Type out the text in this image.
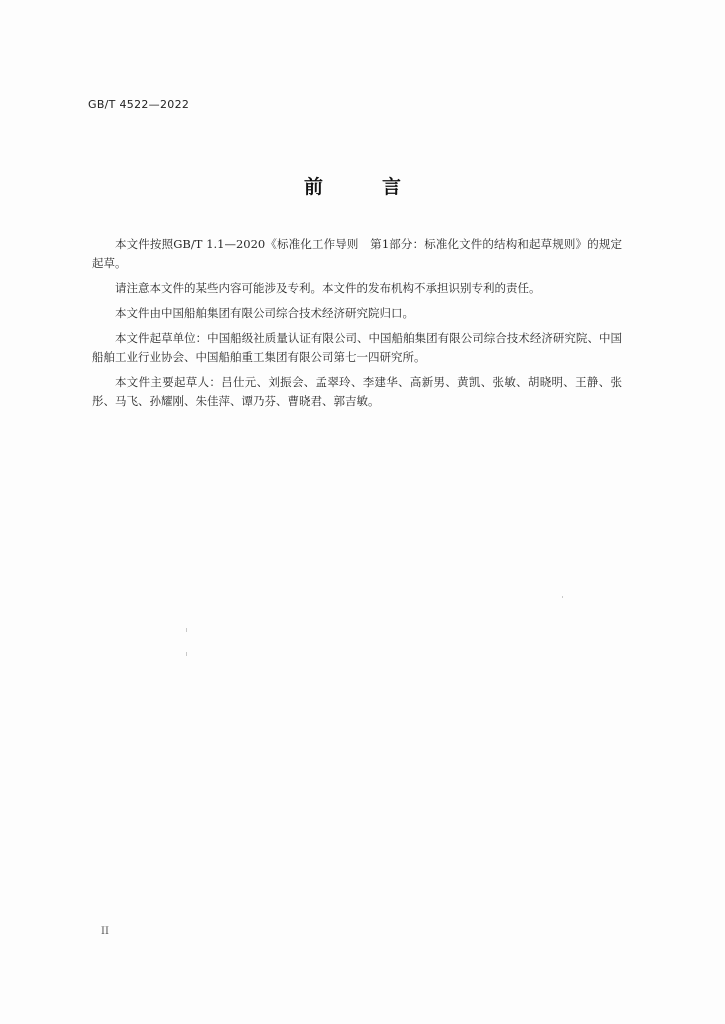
GB/T 4522—2022
前　言

本文件按照GB/T 1.1—2020《标准化工作导则　第1部分：标准化文件的结构和起草规则》的规定起草。

请注意本文件的某些内容可能涉及专利。本文件的发布机构不承担识别专利的责任。

本文件由中国船舶集团有限公司综合技术经济研究院归口。

本文件起草单位：中国船级社质量认证有限公司、中国船舶集团有限公司综合技术经济研究院、中国船舶工业行业协会、中国船舶重工集团有限公司第七一四研究所。

本文件主要起草人：吕仕元、刘振会、孟翠玲、李建华、高新男、黄凯、张敏、胡晓明、王静、张彤、马飞、孙耀刚、朱佳萍、谭乃芬、曹晓君、郭吉敏。

II
